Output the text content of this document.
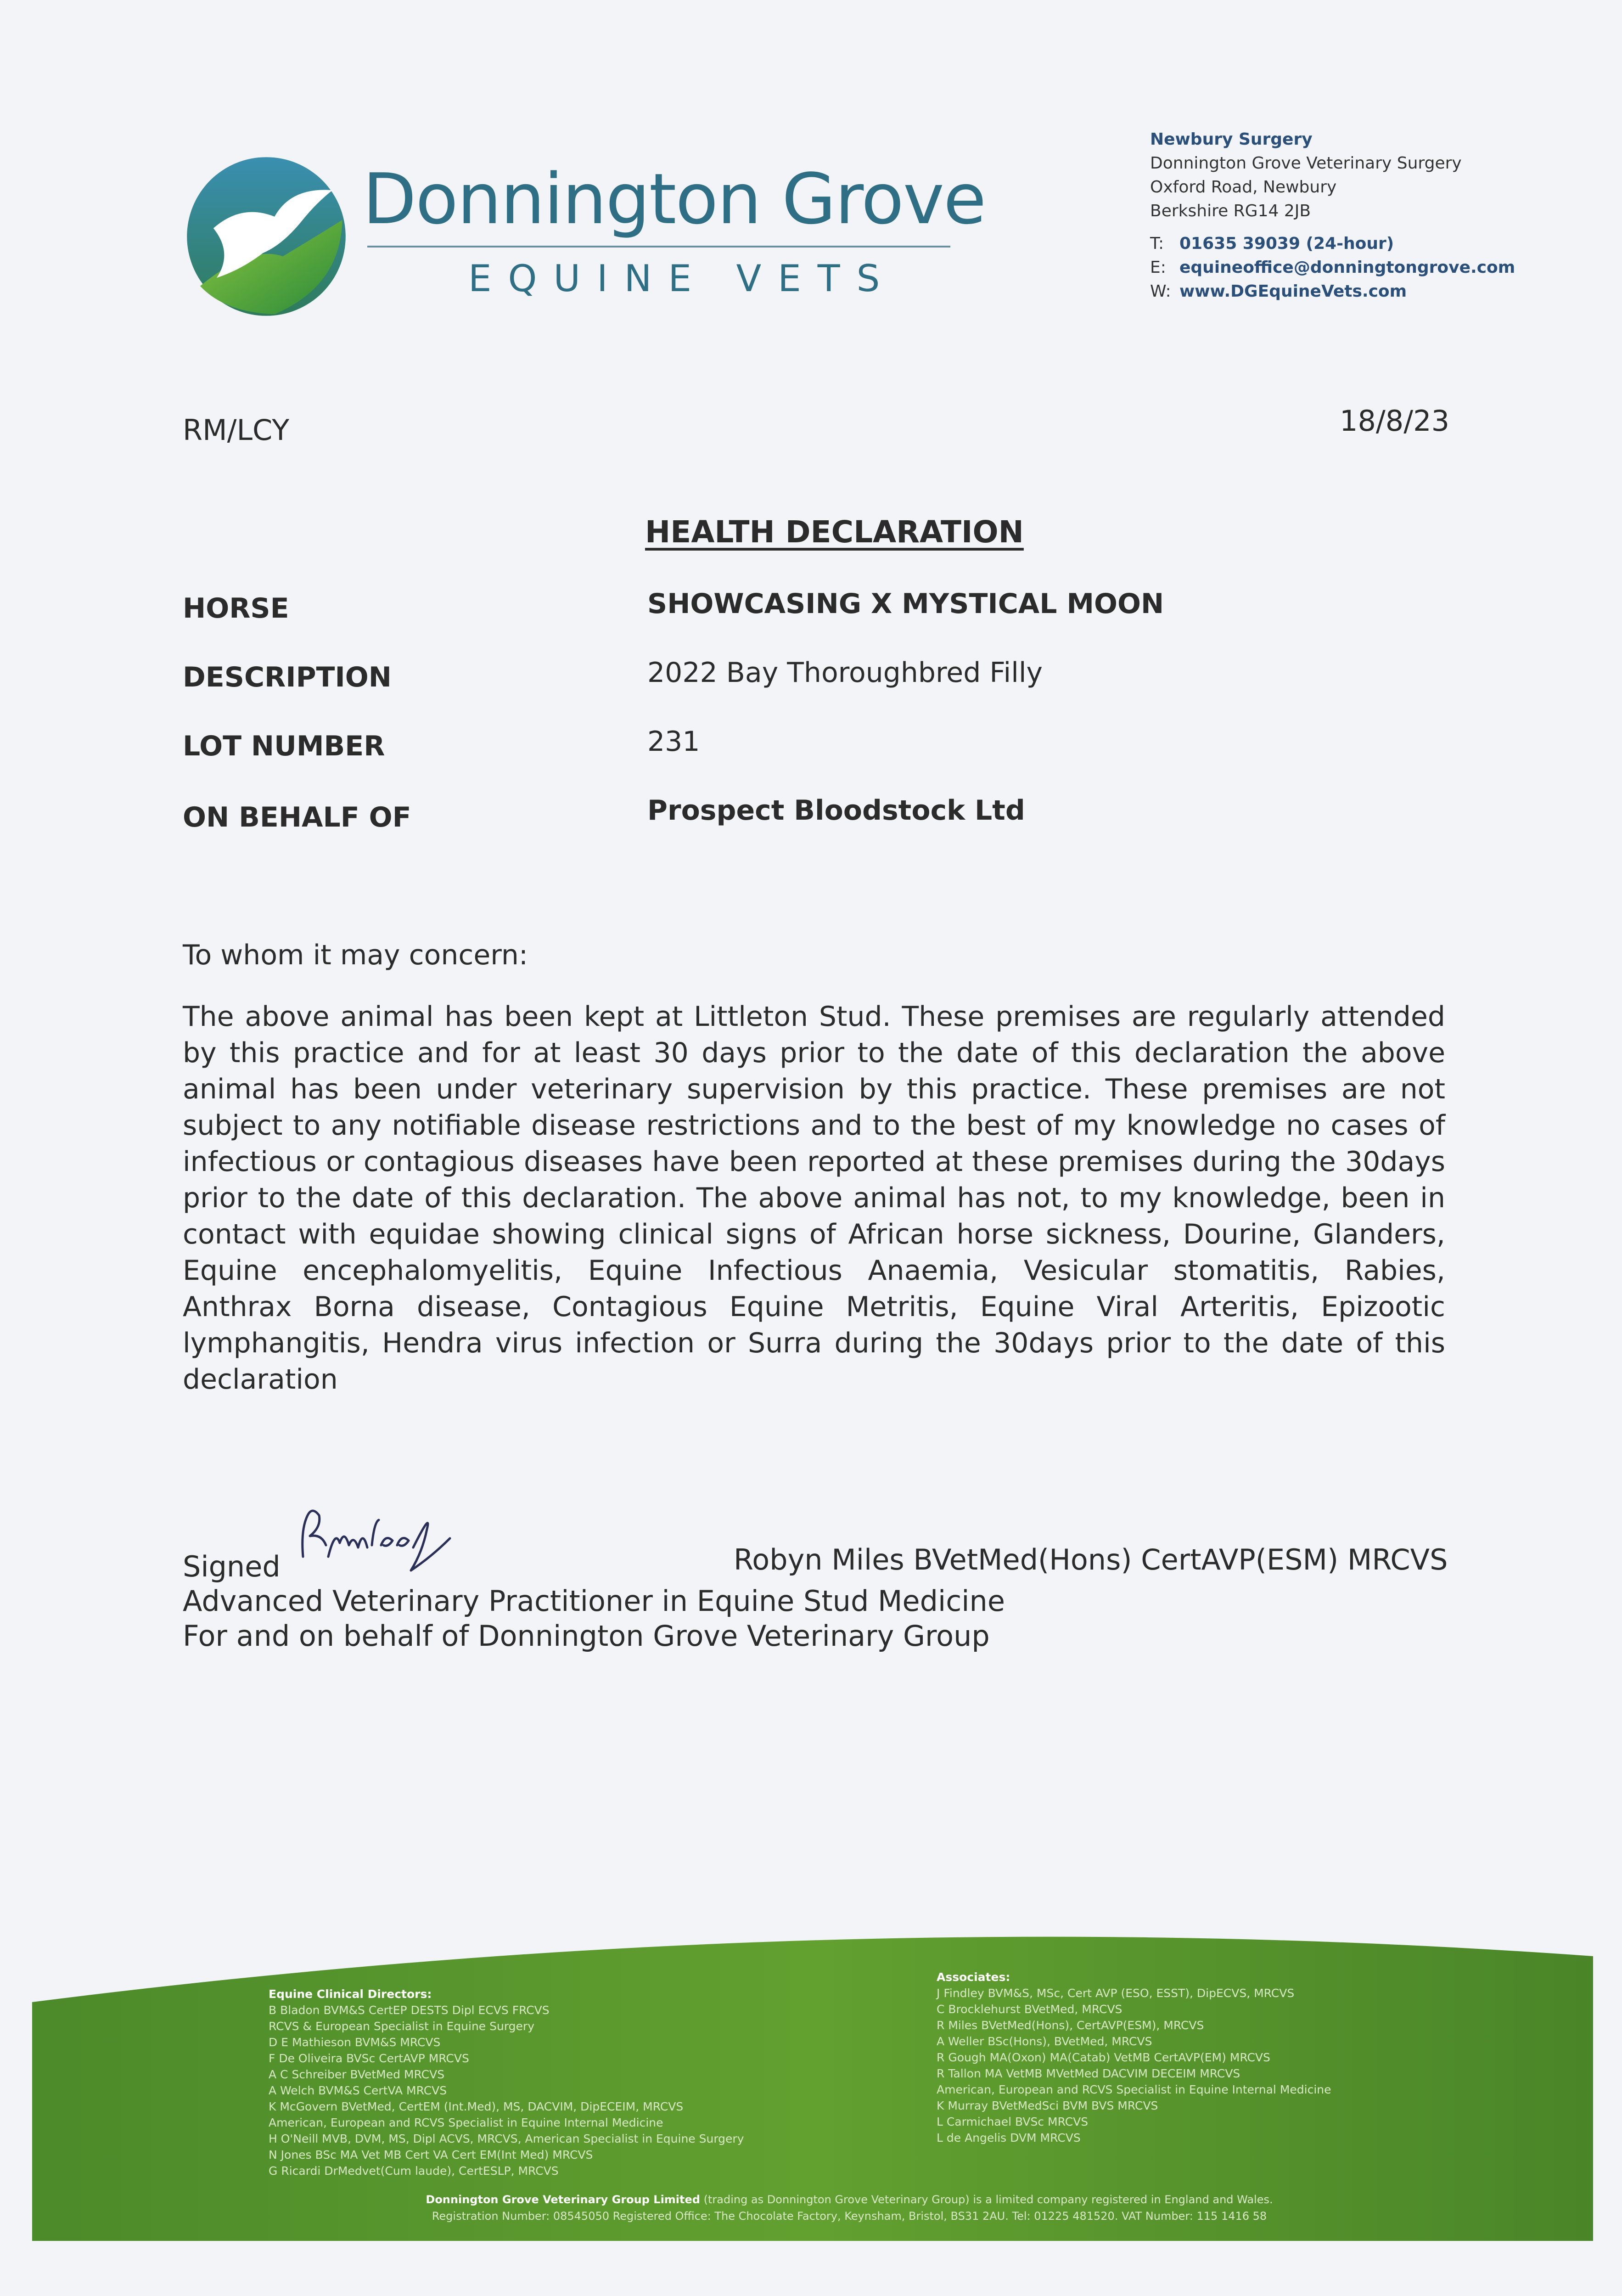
Donnington Grove
EQUINE VETS
Newbury Surgery
Donnington Grove Veterinary Surgery
Oxford Road, Newbury
Berkshire RG14 2JB
T: 01635 39039 (24-hour)
E: equineoffice@donningtongrove.com
W: www.DGEquineVets.com
RM/LCY	18/8/23
HEALTH DECLARATION
HORSE	SHOWCASING X MYSTICAL MOON
DESCRIPTION	2022 Bay Thoroughbred Filly
LOT NUMBER	231
ON BEHALF OF	Prospect Bloodstock Ltd
To whom it may concern:
The above animal has been kept at Littleton Stud. These premises are regularly attended by this practice and for at least 30 days prior to the date of this declaration the above animal has been under veterinary supervision by this practice. These premises are not subject to any notifiable disease restrictions and to the best of my knowledge no cases of infectious or contagious diseases have been reported at these premises during the 30days prior to the date of this declaration. The above animal has not, to my knowledge, been in contact with equidae showing clinical signs of African horse sickness, Dourine, Glanders, Equine encephalomyelitis, Equine Infectious Anaemia, Vesicular stomatitis, Rabies, Anthrax Borna disease, Contagious Equine Metritis, Equine Viral Arteritis, Epizootic lymphangitis, Hendra virus infection or Surra during the 30days prior to the date of this declaration
Signed	Robyn Miles BVetMed(Hons) CertAVP(ESM) MRCVS
Advanced Veterinary Practitioner in Equine Stud Medicine
For and on behalf of Donnington Grove Veterinary Group
Equine Clinical Directors:
B Bladon BVM&S CertEP DESTS Dipl ECVS FRCVS
RCVS & European Specialist in Equine Surgery
D E Mathieson BVM&S MRCVS
F De Oliveira BVSc CertAVP MRCVS
A C Schreiber BVetMed MRCVS
A Welch BVM&S CertVA MRCVS
K McGovern BVetMed, CertEM (Int.Med), MS, DACVIM, DipECEIM, MRCVS
American, European and RCVS Specialist in Equine Internal Medicine
H O'Neill MVB, DVM, MS, Dipl ACVS, MRCVS, American Specialist in Equine Surgery
N Jones BSc MA Vet MB Cert VA Cert EM(Int Med) MRCVS
G Ricardi DrMedvet(Cum laude), CertESLP, MRCVS
Associates:
J Findley BVM&S, MSc, Cert AVP (ESO, ESST), DipECVS, MRCVS
C Brocklehurst BVetMed, MRCVS
R Miles BVetMed(Hons), CertAVP(ESM), MRCVS
A Weller BSc(Hons), BVetMed, MRCVS
R Gough MA(Oxon) MA(Catab) VetMB CertAVP(EM) MRCVS
R Tallon MA VetMB MVetMed DACVIM DECEIM MRCVS
American, European and RCVS Specialist in Equine Internal Medicine
K Murray BVetMedSci BVM BVS MRCVS
L Carmichael BVSc MRCVS
L de Angelis DVM MRCVS
Donnington Grove Veterinary Group Limited (trading as Donnington Grove Veterinary Group) is a limited company registered in England and Wales.
Registration Number: 08545050 Registered Office: The Chocolate Factory, Keynsham, Bristol, BS31 2AU. Tel: 01225 481520. VAT Number: 115 1416 58
